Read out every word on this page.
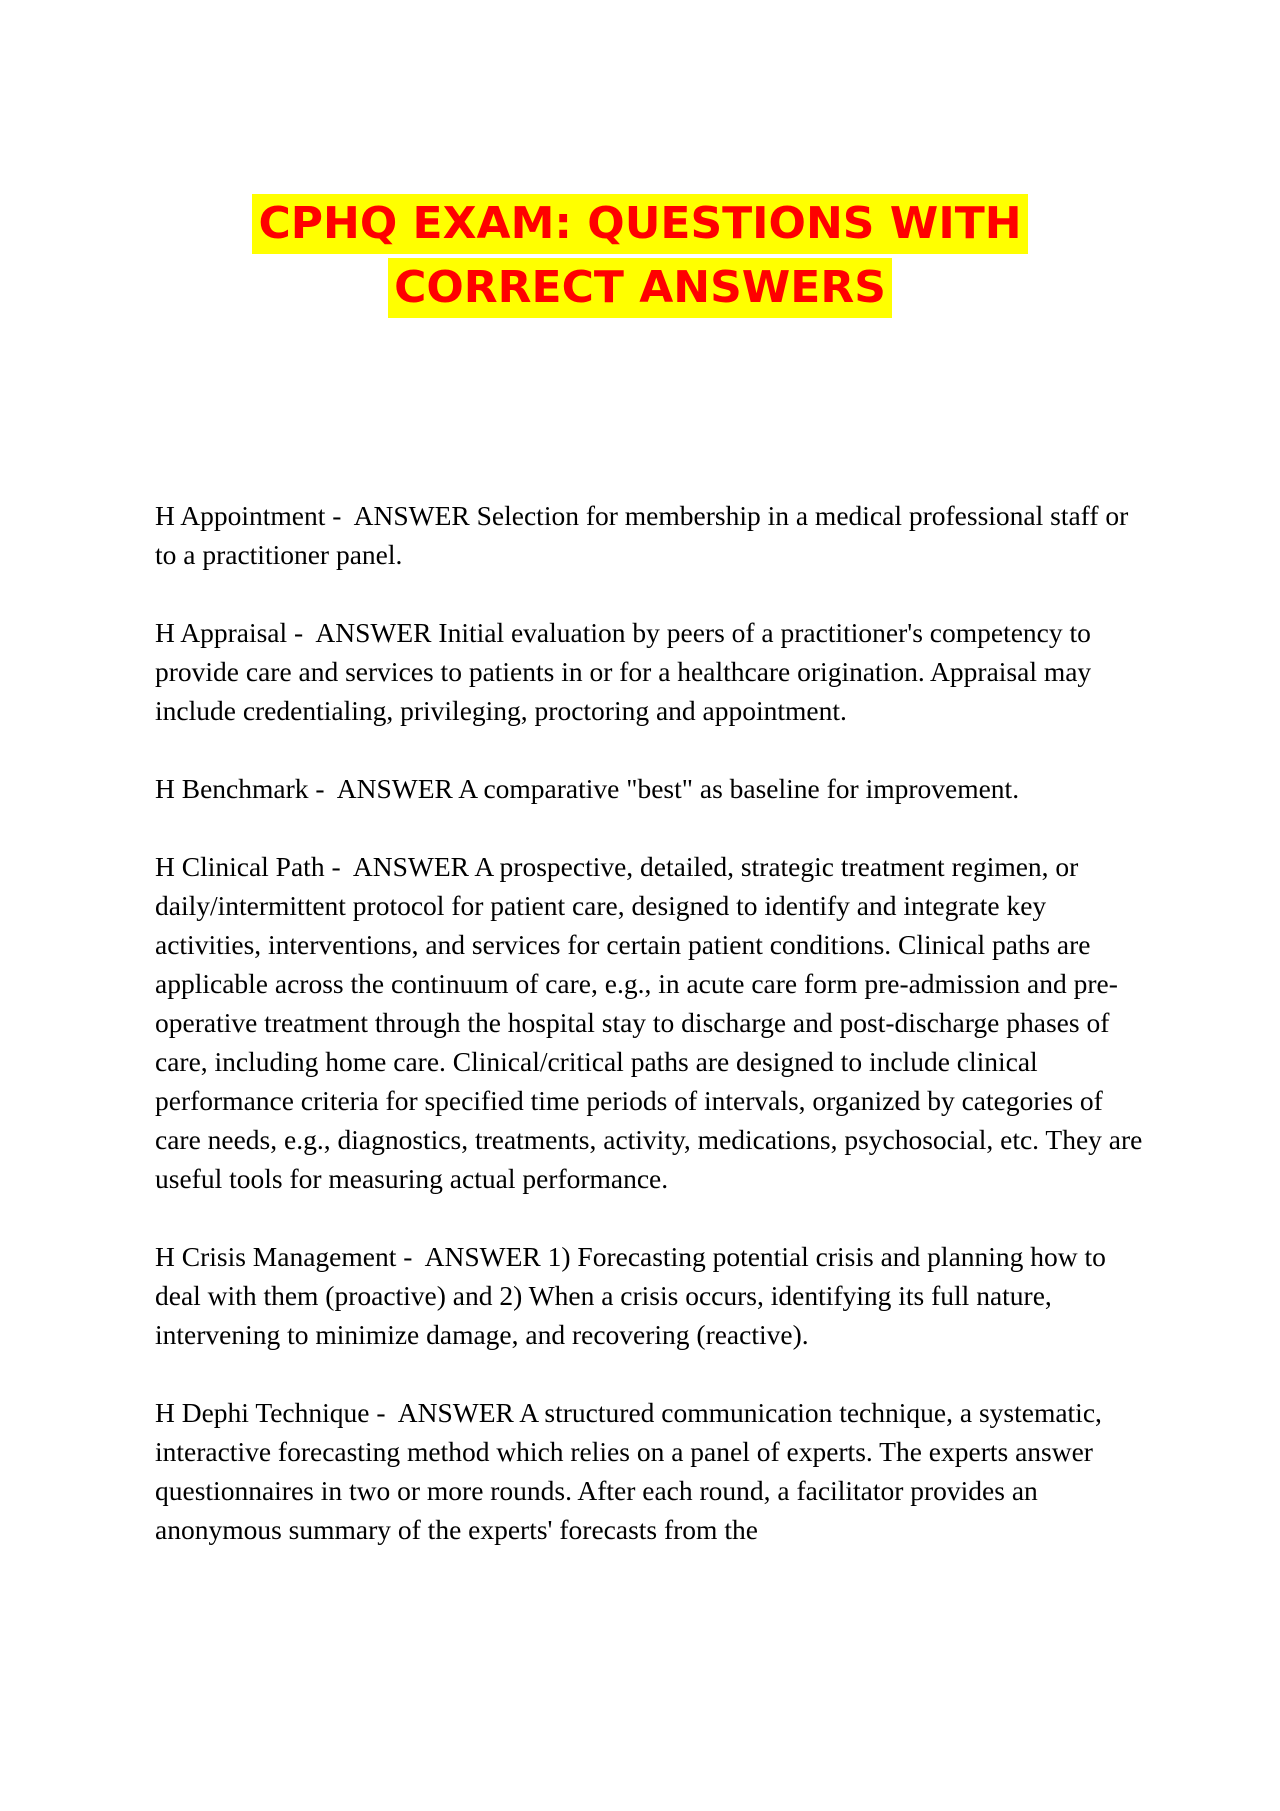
CPHQ EXAM: QUESTIONS WITH
CORRECT ANSWERS

H Appointment -  ANSWER Selection for membership in a medical professional staff or to a practitioner panel.

H Appraisal -  ANSWER Initial evaluation by peers of a practitioner's competency to provide care and services to patients in or for a healthcare origination. Appraisal may include credentialing, privileging, proctoring and appointment.

H Benchmark -  ANSWER A comparative "best" as baseline for improvement.

H Clinical Path -  ANSWER A prospective, detailed, strategic treatment regimen, or daily/intermittent protocol for patient care, designed to identify and integrate key activities, interventions, and services for certain patient conditions. Clinical paths are applicable across the continuum of care, e.g., in acute care form pre-admission and pre-operative treatment through the hospital stay to discharge and post-discharge phases of care, including home care. Clinical/critical paths are designed to include clinical performance criteria for specified time periods of intervals, organized by categories of care needs, e.g., diagnostics, treatments, activity, medications, psychosocial, etc. They are useful tools for measuring actual performance.

H Crisis Management -  ANSWER 1) Forecasting potential crisis and planning how to deal with them (proactive) and 2) When a crisis occurs, identifying its full nature, intervening to minimize damage, and recovering (reactive).

H Dephi Technique -  ANSWER A structured communication technique, a systematic, interactive forecasting method which relies on a panel of experts. The experts answer questionnaires in two or more rounds. After each round, a facilitator provides an anonymous summary of the experts' forecasts from the
